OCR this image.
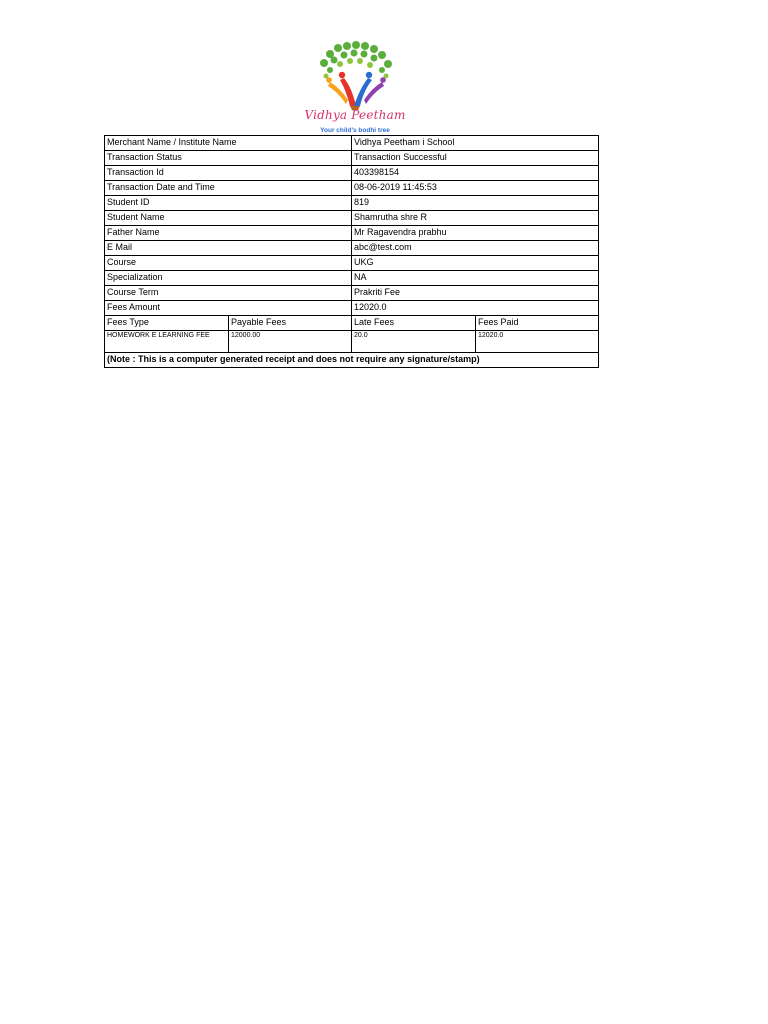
Vidhya Peetham
Your child's bodhi tree
Merchant Name / Institute Name		Vidhya Peetham i School	
Transaction Status		Transaction Successful	
Transaction Id		403398154	
Transaction Date and Time		08-06-2019 11:45:53	
Student ID		819	
Student Name		Shamrutha shre R	
Father Name		Mr Ragavendra prabhu	
E Mail		abc@test.com	
Course		UKG	
Specialization		NA	
Course Term		Prakriti Fee	
Fees Amount		12020.0	
Fees Type	Payable Fees	Late Fees	Fees Paid
HOMEWORK E LEARNING FEE	12000.00	20.0	12020.0
(Note : This is a computer generated receipt and does not require any signature/stamp)			
